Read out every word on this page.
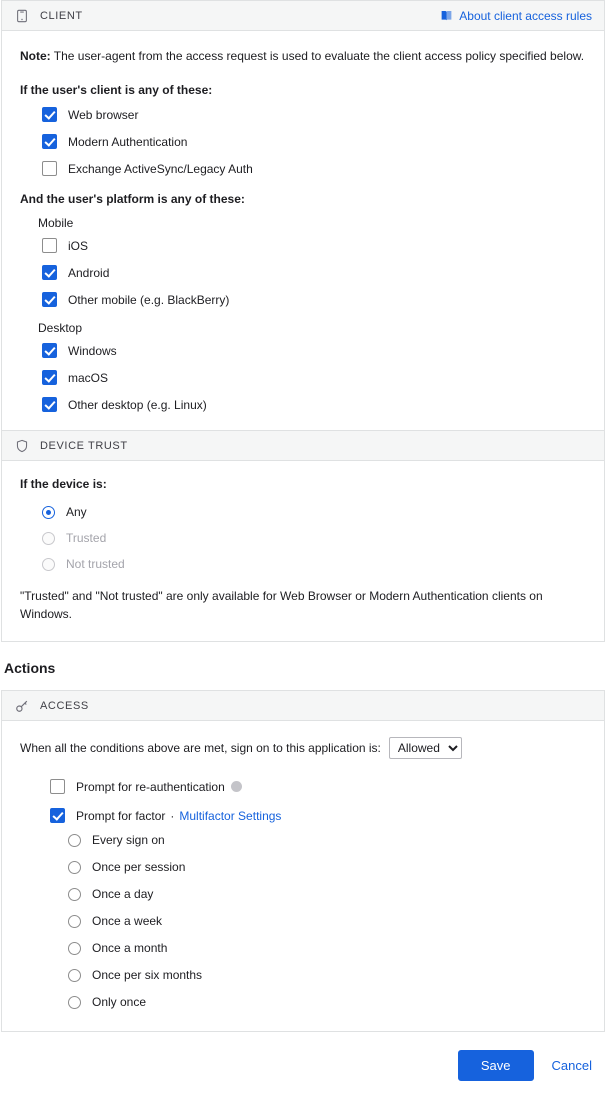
CLIENT	About client access rules

Note: The user-agent from the access request is used to evaluate the client access policy specified below.

If the user's client is any of these:

Web browser
Modern Authentication
Exchange ActiveSync/Legacy Auth

And the user's platform is any of these:

Mobile

iOS
Android
Other mobile (e.g. BlackBerry)

Desktop

Windows
macOS
Other desktop (e.g. Linux)
DEVICE TRUST

If the device is:

Any
Trusted
Not trusted

"Trusted" and "Not trusted" are only available for Web Browser or Modern Authentication clients on Windows.

Actions
ACCESS
When all the conditions above are met, sign on to this application is:
Allowed
Prompt for re-authentication
Prompt for factor · Multifactor Settings
Every sign on
Once per session
Once a day
Once a week
Once a month
Once per six months
Only once
Save	Cancel
